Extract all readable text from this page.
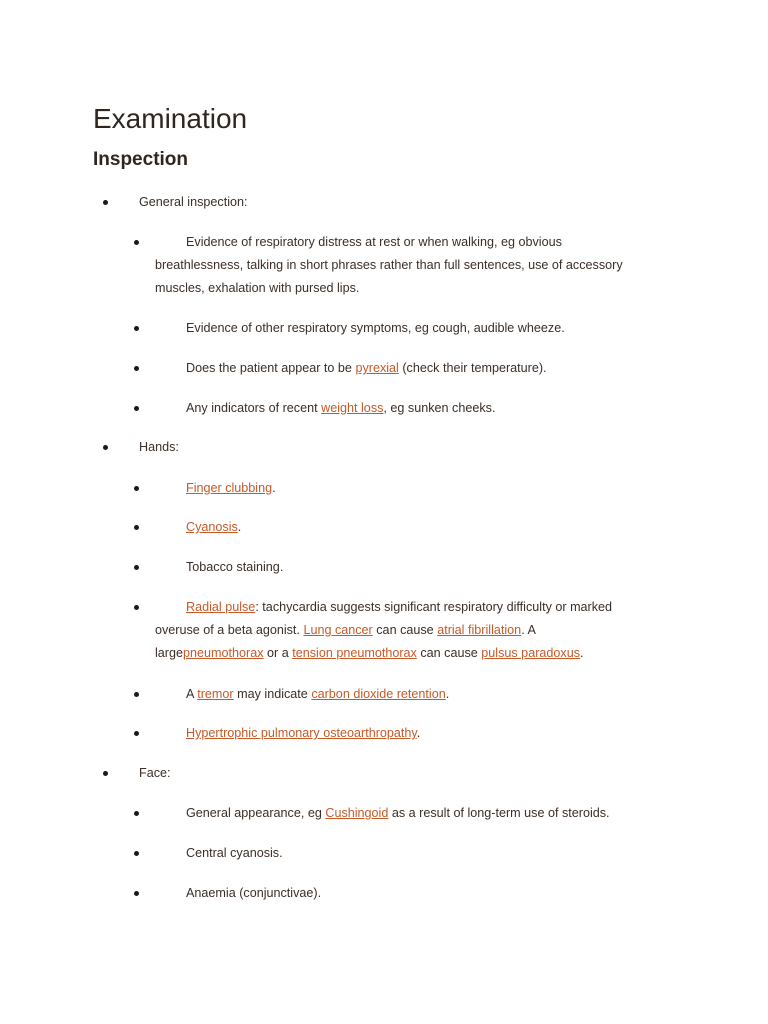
Examination
Inspection
General inspection:
Evidence of respiratory distress at rest or when walking, eg obvious
breathlessness, talking in short phrases rather than full sentences, use of accessory
muscles, exhalation with pursed lips.
Evidence of other respiratory symptoms, eg cough, audible wheeze.
Does the patient appear to be pyrexial (check their temperature).
Any indicators of recent weight loss, eg sunken cheeks.
Hands:
Finger clubbing.
Cyanosis.
Tobacco staining.
Radial pulse: tachycardia suggests significant respiratory difficulty or marked
overuse of a beta agonist. Lung cancer can cause atrial fibrillation. A
largepneumothorax or a tension pneumothorax can cause pulsus paradoxus.
A tremor may indicate carbon dioxide retention.
Hypertrophic pulmonary osteoarthropathy.
Face:
General appearance, eg Cushingoid as a result of long-term use of steroids.
Central cyanosis.
Anaemia (conjunctivae).
